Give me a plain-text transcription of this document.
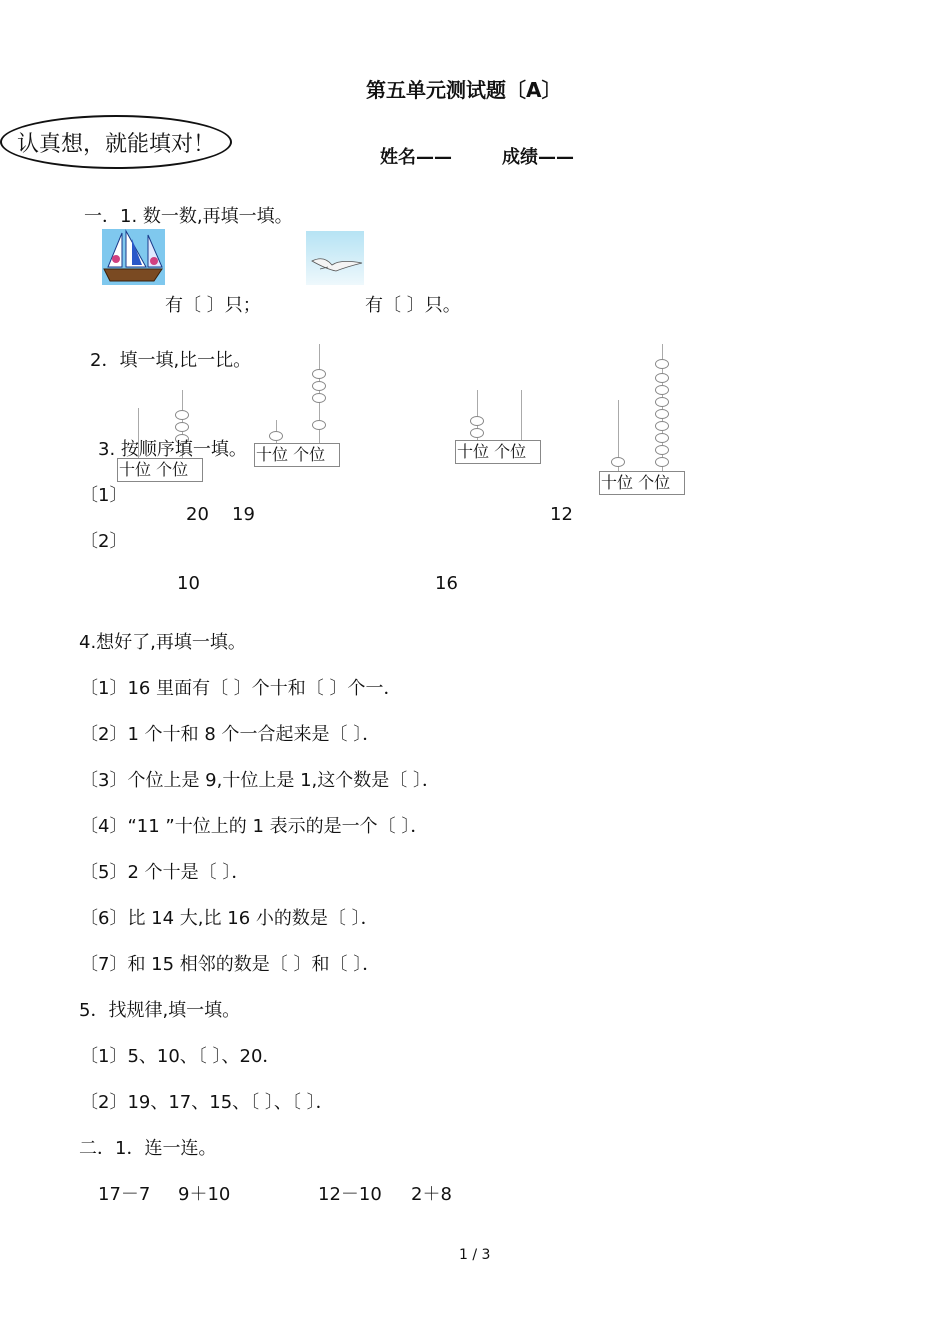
第五单元测试题〔A〕
认真想，就能填对！
姓名——	成绩——
一．1. 数一数,再填一填。
有〔 〕只；	有〔 〕只。
2．填一填,比一比。
十位 个位
十位 个位	十位 个位
十位 个位
3. 按顺序填一填。
〔1〕
20 19	12
〔2〕
10	16
4.想好了,再填一填。
〔1〕16 里面有〔 〕个十和〔 〕个一．
〔2〕1 个十和 8 个一合起来是〔 〕．
〔3〕个位上是 9,十位上是 1,这个数是〔 〕．
〔4〕“11 ”十位上的 1 表示的是一个〔 〕．
〔5〕2 个十是〔 〕．
〔6〕比 14 大,比 16 小的数是〔 〕．
〔7〕和 15 相邻的数是〔 〕和〔 〕．
5．找规律,填一填。
〔1〕5、10、〔 〕、20．
〔2〕19、17、15、〔 〕、〔 〕．
二．1．连一连。
17－7 9＋10	12－10 2＋8
1 / 3
